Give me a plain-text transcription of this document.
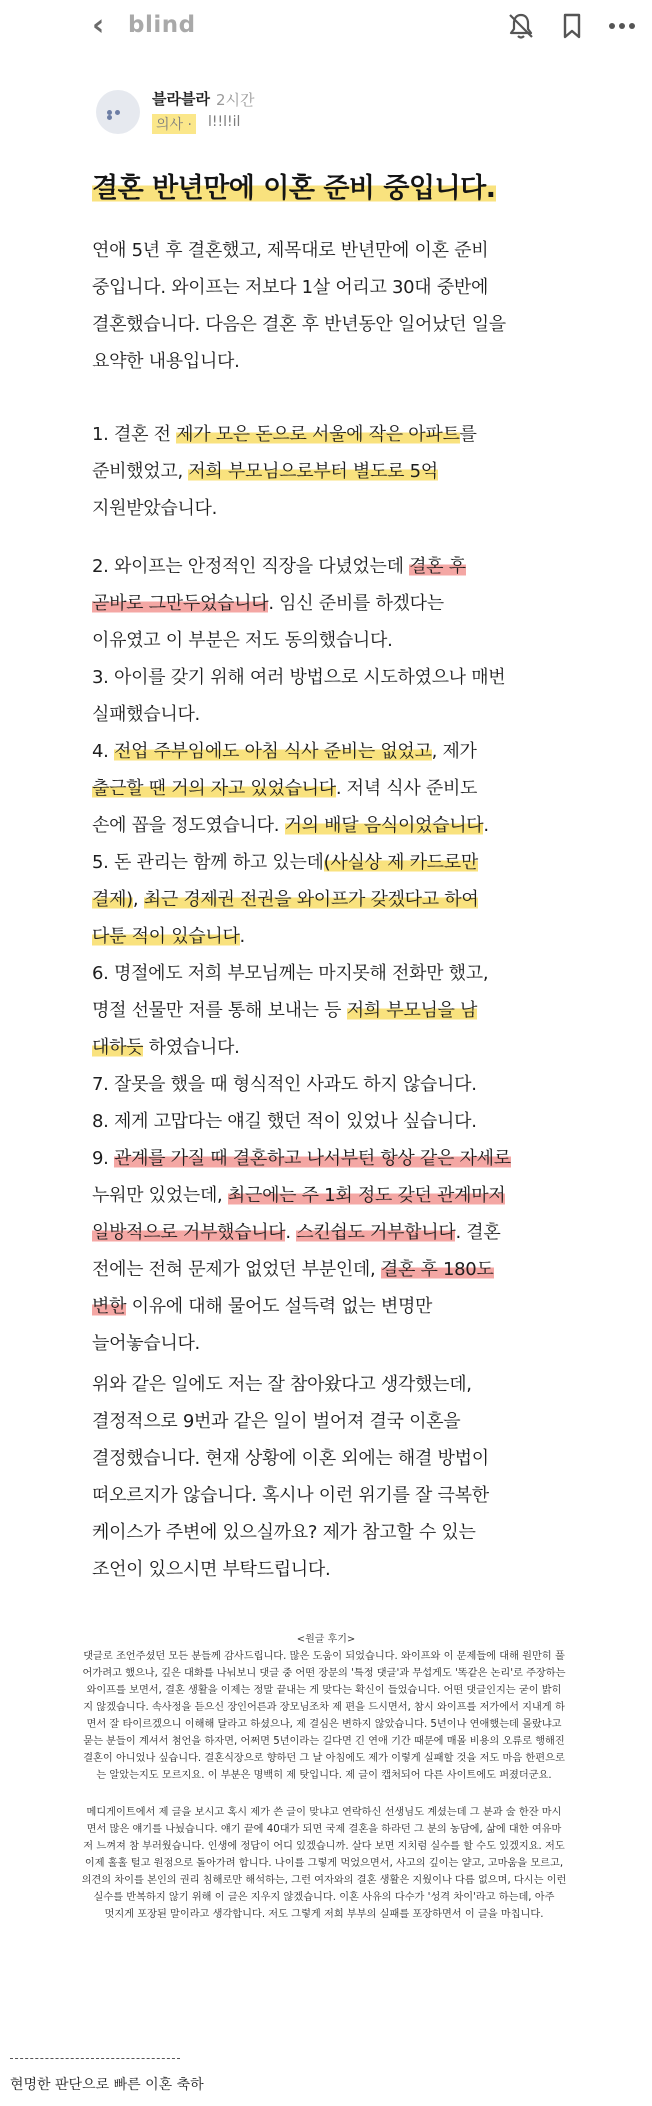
‹	blind
블라블라 2시간
의사 · l!!l!il
결혼 반년만에 이혼 준비 중입니다.

연애 5년 후 결혼했고, 제목대로 반년만에 이혼 준비

중입니다. 와이프는 저보다 1살 어리고 30대 중반에

결혼했습니다. 다음은 결혼 후 반년동안 일어났던 일을

요약한 내용입니다.

1. 결혼 전 제가 모은 돈으로 서울에 작은 아파트를

준비했었고, 저희 부모님으로부터 별도로 5억

지원받았습니다.

2. 와이프는 안정적인 직장을 다녔었는데 결혼 후

곧바로 그만두었습니다. 임신 준비를 하겠다는

이유였고 이 부분은 저도 동의했습니다.

3. 아이를 갖기 위해 여러 방법으로 시도하였으나 매번

실패했습니다.

4. 전업 주부임에도 아침 식사 준비는 없었고, 제가

출근할 땐 거의 자고 있었습니다. 저녁 식사 준비도

손에 꼽을 정도였습니다. 거의 배달 음식이었습니다.

5. 돈 관리는 함께 하고 있는데(사실상 제 카드로만

결제), 최근 경제권 전권을 와이프가 갖겠다고 하여

다툰 적이 있습니다.

6. 명절에도 저희 부모님께는 마지못해 전화만 했고,

명절 선물만 저를 통해 보내는 등 저희 부모님을 남

대하듯 하였습니다.

7. 잘못을 했을 때 형식적인 사과도 하지 않습니다.

8. 제게 고맙다는 얘길 했던 적이 있었나 싶습니다.

9. 관계를 가질 때 결혼하고 나서부턴 항상 같은 자세로

누워만 있었는데, 최근에는 주 1회 정도 갖던 관계마저

일방적으로 거부했습니다. 스킨쉽도 거부합니다. 결혼

전에는 전혀 문제가 없었던 부분인데, 결혼 후 180도

변한 이유에 대해 물어도 설득력 없는 변명만

늘어놓습니다.

위와 같은 일에도 저는 잘 참아왔다고 생각했는데,

결정적으로 9번과 같은 일이 벌어져 결국 이혼을

결정했습니다. 현재 상황에 이혼 외에는 해결 방법이

떠오르지가 않습니다. 혹시나 이런 위기를 잘 극복한

케이스가 주변에 있으실까요? 제가 참고할 수 있는

조언이 있으시면 부탁드립니다.

<원글 후기>
댓글로 조언주셨던 모든 분들께 감사드립니다. 많은 도움이 되었습니다. 와이프와 이 문제들에 대해 원만히 풀
어가려고 했으나, 깊은 대화를 나눠보니 댓글 중 어떤 장문의 '특정 댓글'과 무섭게도 '똑같은 논리'로 주장하는
와이프를 보면서, 결혼 생활을 이제는 정말 끝내는 게 맞다는 확신이 들었습니다. 어떤 댓글인지는 굳이 밝히
지 않겠습니다. 속사정을 듣으신 장인어른과 장모님조차 제 편을 드시면서, 참시 와이프를 저가에서 지내게 하
면서 잘 타이르겠으니 이해해 달라고 하셨으나, 제 결심은 변하지 않았습니다. 5년이나 연애했는데 몰랐냐고
묻는 분들이 계셔서 첨언을 하자면, 어쩌면 5년이라는 길다면 긴 연애 기간 때문에 매몰 비용의 오류로 행해진
결혼이 아니었나 싶습니다. 결혼식장으로 향하던 그 날 아침에도 제가 이렇게 실패할 것을 저도 마음 한편으로
는 알았는지도 모르지요. 이 부분은 명백히 제 탓입니다. 제 글이 캡처되어 다른 사이트에도 퍼졌더군요.
메디게이트에서 제 글을 보시고 혹시 제가 쓴 글이 맞냐고 연락하신 선생님도 계셨는데 그 분과 술 한잔 마시
면서 많은 얘기를 나눴습니다. 얘기 끝에 40대가 되면 국제 결혼을 하라던 그 분의 농담에, 삶에 대한 여유마
저 느껴져 참 부러웠습니다. 인생에 정답이 어디 있겠습니까. 살다 보면 지치럼 실수를 할 수도 있겠지요. 저도
이제 홀홀 털고 원점으로 돌아가려 합니다. 나이를 그렇게 먹었으면서, 사고의 깊이는 얕고, 고마움을 모르고,
의견의 차이를 본인의 권리 침해로만 해석하는, 그런 여자와의 결혼 생활은 지웠이나 다름 없으며, 다시는 이런
실수를 반복하지 않기 위해 이 글은 지우지 않겠습니다. 이혼 사유의 다수가 '성격 차이'라고 하는데, 아주
멋지게 포장된 말이라고 생각합니다. 저도 그렇게 저희 부부의 실패를 포장하면서 이 글을 마칩니다.
현명한 판단으로 빠른 이혼 축하
